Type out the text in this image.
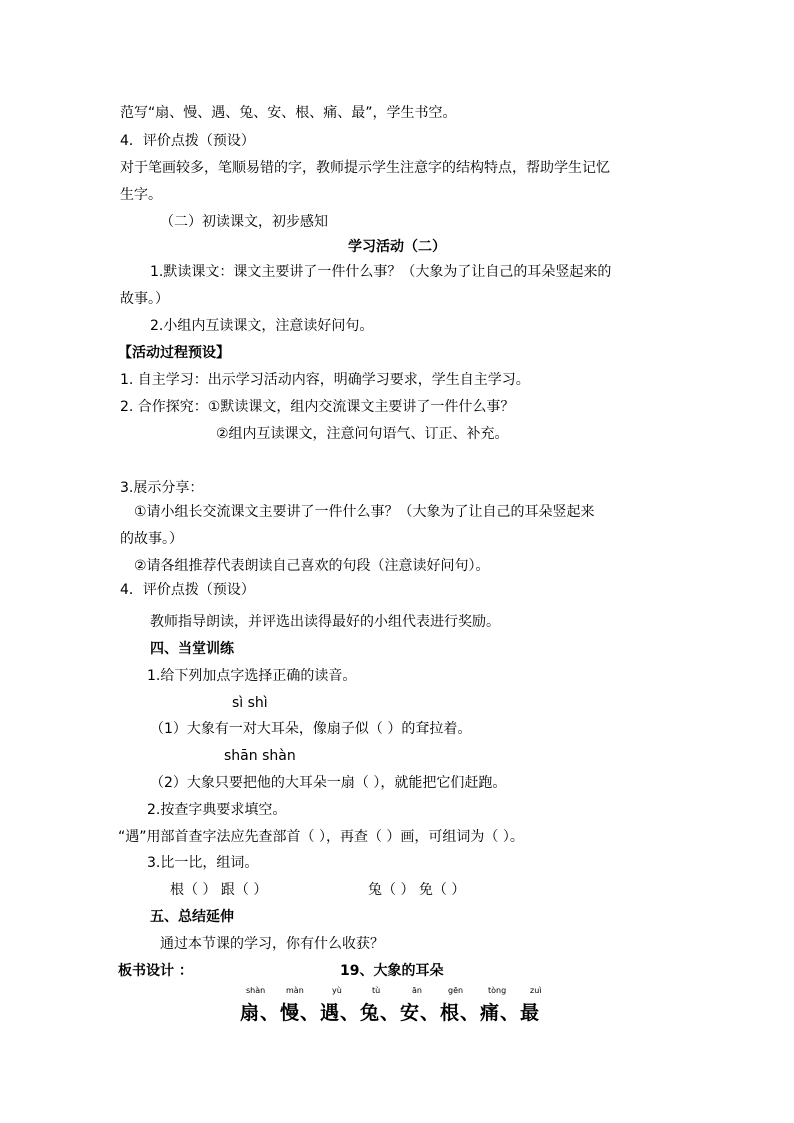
范写“扇、慢、遇、兔、安、根、痛、最”，学生书空。
4．评价点拨（预设）
对于笔画较多，笔顺易错的字，教师提示学生注意字的结构特点，帮助学生记忆
生字。
（二）初读课文，初步感知
学习活动（二）
1.默读课文：课文主要讲了一件什么事？（大象为了让自己的耳朵竖起来的
故事。）
2.小组内互读课文，注意读好问句。
【活动过程预设】
1. 自主学习：出示学习活动内容，明确学习要求，学生自主学习。
2. 合作探究：①默读课文，组内交流课文主要讲了一件什么事？
②组内互读课文，注意问句语气、订正、补充。
3.展示分享：
①请小组长交流课文主要讲了一件什么事？（大象为了让自己的耳朵竖起来
的故事。）
②请各组推荐代表朗读自己喜欢的句段（注意读好问句）。
4．评价点拨（预设）
教师指导朗读，并评选出读得最好的小组代表进行奖励。
四、当堂训练
1.给下列加点字选择正确的读音。
sì shì
（1）大象有一对大耳朵，像扇子似（ ）的耷拉着。
shān shàn
（2）大象只要把他的大耳朵一扇（ ），就能把它们赶跑。
2.按查字典要求填空。
“遇”用部首查字法应先查部首（ ），再查（ ）画，可组词为（ ）。
3.比一比，组词。
根（ ） 跟（ ）	兔（ ） 免（ ）
五、总结延伸
通过本节课的学习，你有什么收获？
板书设计 ：	19、大象的耳朵
shàn	màn	yù	tù	ān	gēn	tòng	zuì
扇、慢、遇、兔、安、根、痛、最
